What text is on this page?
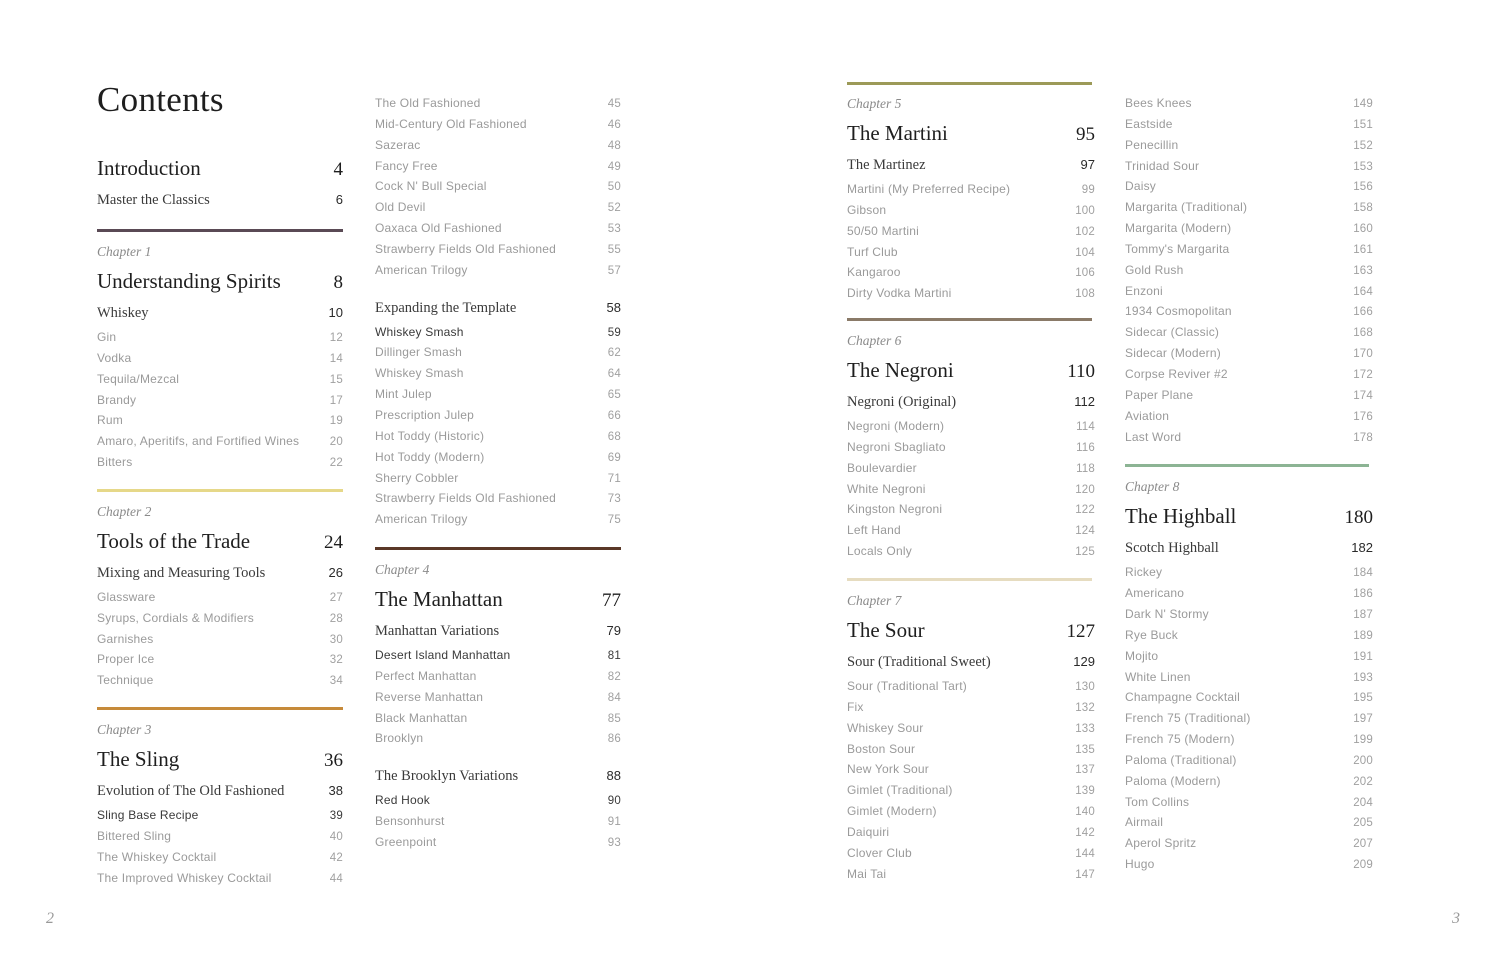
Contents
Introduction	4
Master the Classics	6
Chapter 1
Understanding Spirits	8
Whiskey	10
Gin	12
Vodka	14
Tequila/Mezcal	15
Brandy	17
Rum	19
Amaro, Aperitifs, and Fortified Wines	20
Bitters	22
Chapter 2
Tools of the Trade	24
Mixing and Measuring Tools	26
Glassware	27
Syrups, Cordials & Modifiers	28
Garnishes	30
Proper Ice	32
Technique	34
Chapter 3
The Sling	36
Evolution of The Old Fashioned	38
Sling Base Recipe	39
Bittered Sling	40
The Whiskey Cocktail	42
The Improved Whiskey Cocktail	44
The Old Fashioned	45
Mid-Century Old Fashioned	46
Sazerac	48
Fancy Free	49
Cock N' Bull Special	50
Old Devil	52
Oaxaca Old Fashioned	53
Strawberry Fields Old Fashioned	55
American Trilogy	57
Expanding the Template	58
Whiskey Smash	59
Dillinger Smash	62
Whiskey Smash	64
Mint Julep	65
Prescription Julep	66
Hot Toddy (Historic)	68
Hot Toddy (Modern)	69
Sherry Cobbler	71
Strawberry Fields Old Fashioned	73
American Trilogy	75
Chapter 4
The Manhattan	77
Manhattan Variations	79
Desert Island Manhattan	81
Perfect Manhattan	82
Reverse Manhattan	84
Black Manhattan	85
Brooklyn	86
The Brooklyn Variations	88
Red Hook	90
Bensonhurst	91
Greenpoint	93
Chapter 5
The Martini	95
The Martinez	97
Martini (My Preferred Recipe)	99
Gibson	100
50/50 Martini	102
Turf Club	104
Kangaroo	106
Dirty Vodka Martini	108
Chapter 6
The Negroni	110
Negroni (Original)	112
Negroni (Modern)	114
Negroni Sbagliato	116
Boulevardier	118
White Negroni	120
Kingston Negroni	122
Left Hand	124
Locals Only	125
Chapter 7
The Sour	127
Sour (Traditional Sweet)	129
Sour (Traditional Tart)	130
Fix	132
Whiskey Sour	133
Boston Sour	135
New York Sour	137
Gimlet (Traditional)	139
Gimlet (Modern)	140
Daiquiri	142
Clover Club	144
Mai Tai	147
Bees Knees	149
Eastside	151
Penecillin	152
Trinidad Sour	153
Daisy	156
Margarita (Traditional)	158
Margarita (Modern)	160
Tommy's Margarita	161
Gold Rush	163
Enzoni	164
1934 Cosmopolitan	166
Sidecar (Classic)	168
Sidecar (Modern)	170
Corpse Reviver #2	172
Paper Plane	174
Aviation	176
Last Word	178
Chapter 8
The Highball	180
Scotch Highball	182
Rickey	184
Americano	186
Dark N' Stormy	187
Rye Buck	189
Mojito	191
White Linen	193
Champagne Cocktail	195
French 75 (Traditional)	197
French 75 (Modern)	199
Paloma (Traditional)	200
Paloma (Modern)	202
Tom Collins	204
Airmail	205
Aperol Spritz	207
Hugo	209
2	3
